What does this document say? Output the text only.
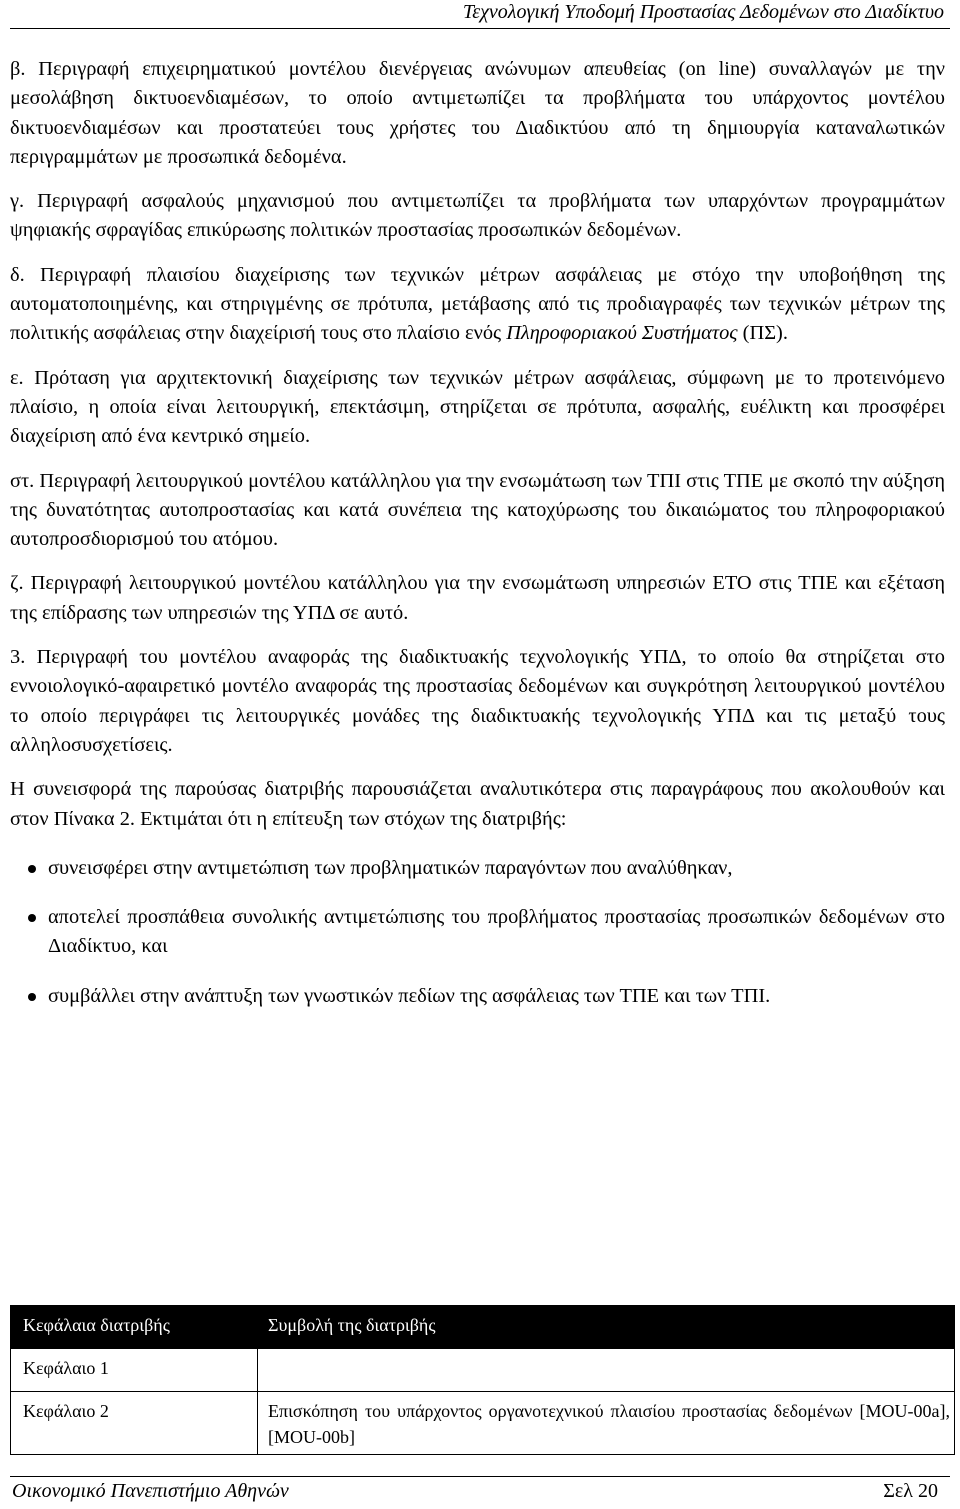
Τεχνολογική Υποδομή Προστασίας Δεδομένων στο Διαδίκτυο

β. Περιγραφή επιχειρηματικού μοντέλου διενέργειας ανώνυμων απευθείας (on line) συναλλαγών με την μεσολάβηση δικτυοενδιαμέσων, το οποίο αντιμετωπίζει τα προβλήματα του υπάρχοντος μοντέλου δικτυοενδιαμέσων και προστατεύει τους χρήστες του Διαδικτύου από τη δημιουργία καταναλωτικών περιγραμμάτων με προσωπικά δεδομένα.

γ. Περιγραφή ασφαλούς μηχανισμού που αντιμετωπίζει τα προβλήματα των υπαρχόντων προγραμμάτων ψηφιακής σφραγίδας επικύρωσης πολιτικών προστασίας προσωπικών δεδομένων.

δ. Περιγραφή πλαισίου διαχείρισης των τεχνικών μέτρων ασφάλειας με στόχο την υποβοήθηση της αυτοματοποιημένης, και στηριγμένης σε πρότυπα, μετάβασης από τις προδιαγραφές των τεχνικών μέτρων της πολιτικής ασφάλειας στην διαχείρισή τους στο πλαίσιο ενός Πληροφοριακού Συστήματος (ΠΣ).

ε. Πρόταση για αρχιτεκτονική διαχείρισης των τεχνικών μέτρων ασφάλειας, σύμφωνη με το προτεινόμενο πλαίσιο, η οποία είναι λειτουργική, επεκτάσιμη, στηρίζεται σε πρότυπα, ασφαλής, ευέλικτη και προσφέρει διαχείριση από ένα κεντρικό σημείο.

στ. Περιγραφή λειτουργικού μοντέλου κατάλληλου για την ενσωμάτωση των ΤΠΙ στις ΤΠΕ με σκοπό την αύξηση της δυνατότητας αυτοπροστασίας και κατά συνέπεια της κατοχύρωσης του δικαιώματος του πληροφοριακού αυτοπροσδιορισμού του ατόμου.

ζ. Περιγραφή λειτουργικού μοντέλου κατάλληλου για την ενσωμάτωση υπηρεσιών ΕΤΟ στις ΤΠΕ και εξέταση της επίδρασης των υπηρεσιών της ΥΠΔ σε αυτό.

3. Περιγραφή του μοντέλου αναφοράς της διαδικτυακής τεχνολογικής ΥΠΔ, το οποίο θα στηρίζεται στο εννοιολογικό-αφαιρετικό μοντέλο αναφοράς της προστασίας δεδομένων και συγκρότηση λειτουργικού μοντέλου το οποίο περιγράφει τις λειτουργικές μονάδες της διαδικτυακής τεχνολογικής ΥΠΔ και τις μεταξύ τους αλληλοσυσχετίσεις.

Η συνεισφορά της παρούσας διατριβής παρουσιάζεται αναλυτικότερα στις παραγράφους που ακολουθούν και στον Πίνακα 2. Εκτιμάται ότι η επίτευξη των στόχων της διατριβής:

συνεισφέρει στην αντιμετώπιση των προβληματικών παραγόντων που αναλύθηκαν,
αποτελεί προσπάθεια συνολικής αντιμετώπισης του προβλήματος προστασίας προσωπικών δεδομένων στο Διαδίκτυο, και
συμβάλλει στην ανάπτυξη των γνωστικών πεδίων της ασφάλειας των ΤΠΕ και των ΤΠΙ.
Κεφάλαια διατριβής	Συμβολή της διατριβής
Κεφάλαιο 1	
Κεφάλαιο 2	Επισκόπηση του υπάρχοντος οργανοτεχνικού πλαισίου προστασίας δεδομένων [MOU-00a], [MOU-00b]
Οικονομικό Πανεπιστήμιο Αθηνών	Σελ 20
